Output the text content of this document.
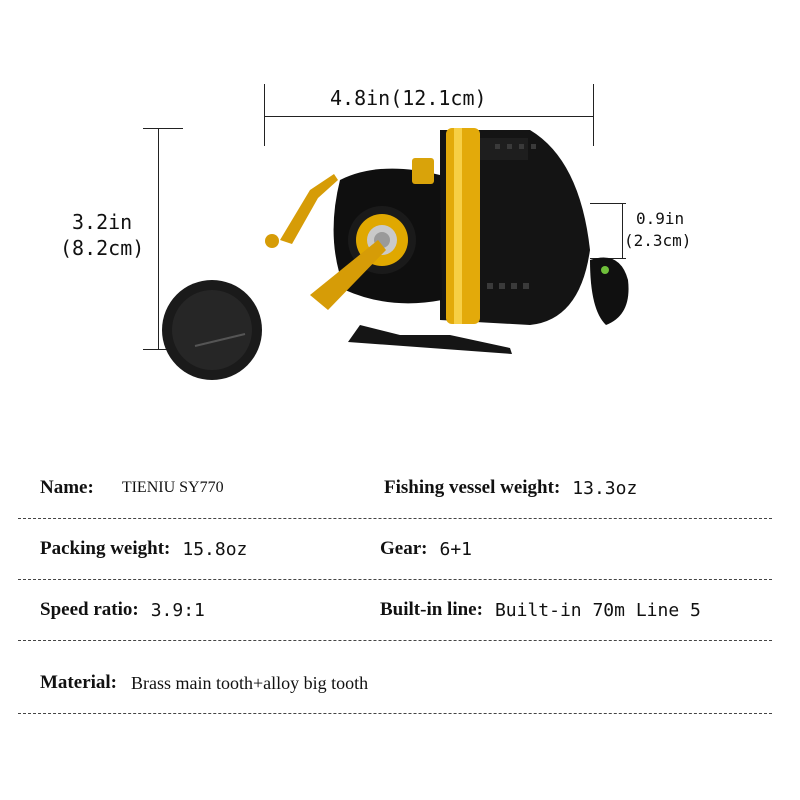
4.8in(12.1cm)
3.2in
(8.2cm)
0.9in
(2.3cm)
Name: TIENIU SY770	Fishing vessel weight: 13.3oz
Packing weight: 15.8oz	Gear: 6+1
Speed ratio: 3.9:1	Built-in line: Built-in 70m Line 5
Material: Brass main tooth+alloy big tooth
